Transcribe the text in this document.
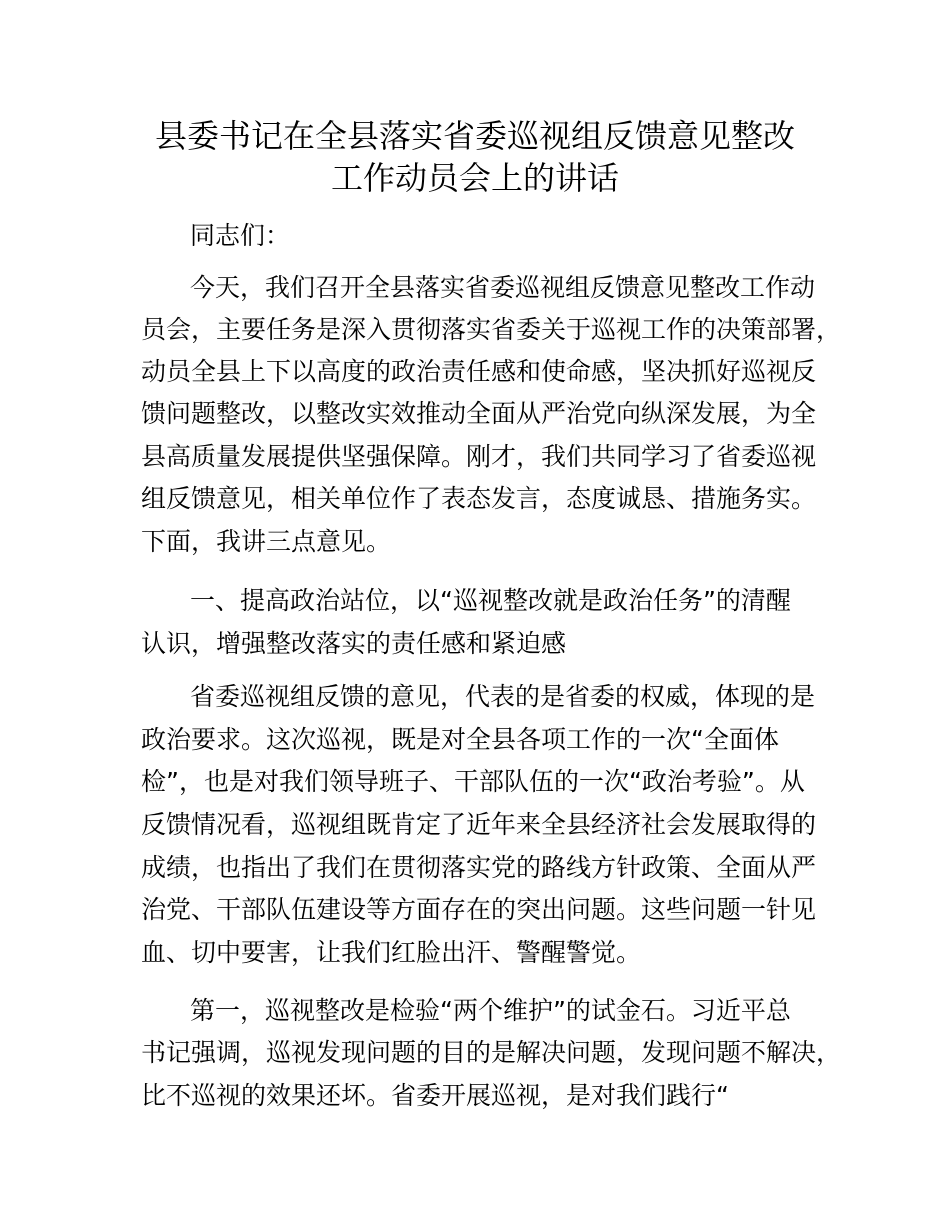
县委书记在全县落实省委巡视组反馈意见整改
工作动员会上的讲话

同志们：

今天，我们召开全县落实省委巡视组反馈意见整改工作动

员会，主要任务是深入贯彻落实省委关于巡视工作的决策部署，

动员全县上下以高度的政治责任感和使命感，坚决抓好巡视反

馈问题整改，以整改实效推动全面从严治党向纵深发展，为全

县高质量发展提供坚强保障。刚才，我们共同学习了省委巡视

组反馈意见，相关单位作了表态发言，态度诚恳、措施务实。

下面，我讲三点意见。

一、提高政治站位，以“巡视整改就是政治任务”的清醒

认识，增强整改落实的责任感和紧迫感

省委巡视组反馈的意见，代表的是省委的权威，体现的是

政治要求。这次巡视，既是对全县各项工作的一次“全面体

检”，也是对我们领导班子、干部队伍的一次“政治考验”。从

反馈情况看，巡视组既肯定了近年来全县经济社会发展取得的

成绩，也指出了我们在贯彻落实党的路线方针政策、全面从严

治党、干部队伍建设等方面存在的突出问题。这些问题一针见

血、切中要害，让我们红脸出汗、警醒警觉。

第一，巡视整改是检验“两个维护”的试金石。习近平总

书记强调，巡视发现问题的目的是解决问题，发现问题不解决，

比不巡视的效果还坏。省委开展巡视，是对我们践行“
